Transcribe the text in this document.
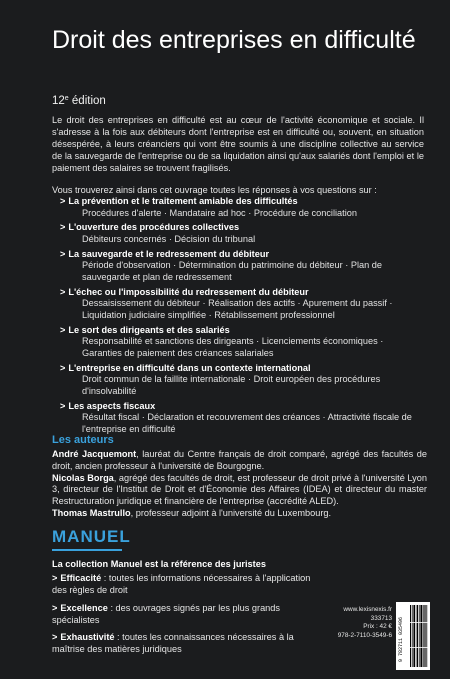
Droit des entreprises en difficulté
12e édition

Le droit des entreprises en difficulté est au cœur de l'activité économique et sociale. Il s'adresse à la fois aux débiteurs dont l'entreprise est en difficulté ou, souvent, en situation désespérée, à leurs créanciers qui vont être soumis à une discipline collective au service de la sauvegarde de l'entreprise ou de sa liquidation ainsi qu'aux salariés dont l'emploi et le paiement des salaires se trouvent fragilisés.

Vous trouverez ainsi dans cet ouvrage toutes les réponses à vos questions sur :

> La prévention et le traitement amiable des difficultés
Procédures d'alerte · Mandataire ad hoc · Procédure de conciliation
> L'ouverture des procédures collectives
Débiteurs concernés · Décision du tribunal
> La sauvegarde et le redressement du débiteur
Période d'observation · Détermination du patrimoine du débiteur · Plan de sauvegarde et plan de redressement
> L'échec ou l'impossibilité du redressement du débiteur
Dessaisissement du débiteur · Réalisation des actifs · Apurement du passif · Liquidation judiciaire simplifiée · Rétablissement professionnel
> Le sort des dirigeants et des salariés
Responsabilité et sanctions des dirigeants · Licenciements économiques · Garanties de paiement des créances salariales
> L'entreprise en difficulté dans un contexte international
Droit commun de la faillite internationale · Droit européen des procédures d'insolvabilité
> Les aspects fiscaux
Résultat fiscal · Déclaration et recouvrement des créances · Attractivité fiscale de l'entreprise en difficulté
Les auteurs

André Jacquemont, lauréat du Centre français de droit comparé, agrégé des facultés de droit, ancien professeur à l'université de Bourgogne.

Nicolas Borga, agrégé des facultés de droit, est professeur de droit privé à l'université Lyon 3, directeur de l'Institut de Droit et d'Économie des Affaires (IDEA) et directeur du master Restructuration juridique et financière de l'entreprise (accrédité ALED).

Thomas Mastrullo, professeur adjoint à l'université du Luxembourg.

MANUEL

La collection Manuel est la référence des juristes

> Efficacité : toutes les informations nécessaires à l'application des règles de droit

> Excellence : des ouvrages signés par les plus grands spécialistes

> Exhaustivité : toutes les connaissances nécessaires à la maîtrise des matières juridiques

www.lexisnexis.fr
333713
Prix : 42 €
978-2-7110-3549-6 9 782711 035496
